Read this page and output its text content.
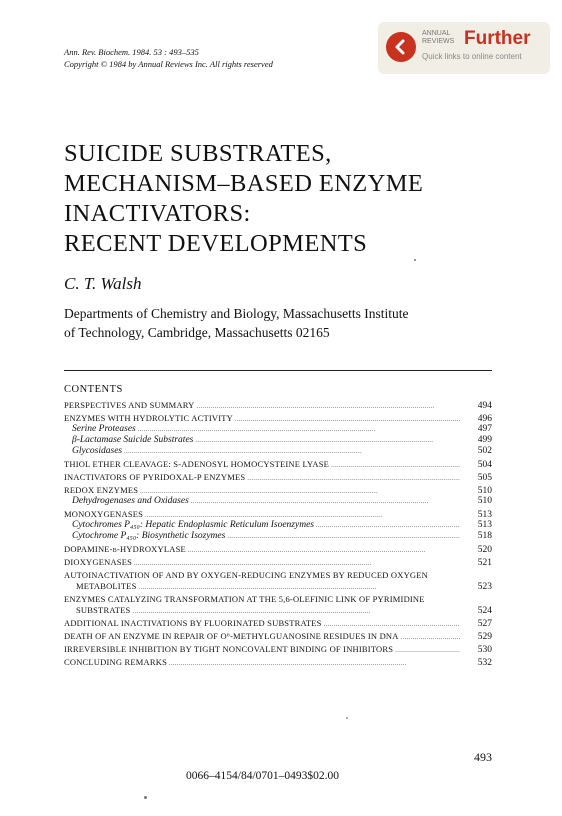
Ann. Rev. Biochem. 1984. 53 : 493–535
Copyright © 1984 by Annual Reviews Inc. All rights reserved
ANNUAL
REVIEWS Further
Quick links to online content
SUICIDE SUBSTRATES,
MECHANISM–BASED ENZYME
INACTIVATORS:
RECENT DEVELOPMENTS
C. T. Walsh
Departments of Chemistry and Biology, Massachusetts Institute
of Technology, Cambridge, Massachusetts 02165
CONTENTS
PERSPECTIVES AND SUMMARY . . .	494
ENZYMES WITH HYDROLYTIC ACTIVITY . . .	496
Serine Proteases . . .	497
β-Lactamase Suicide Substrates . . .	499
Glycosidases . . .	502
THIOL ETHER CLEAVAGE: S-ADENOSYL HOMOCYSTEINE LYASE . . .	504
INACTIVATORS OF PYRIDOXAL-P ENZYMES . . .	505
REDOX ENZYMES . . .	510
Dehydrogenases and Oxidases . . .	510
MONOXYGENASES . . .	513
Cytochromes P₄₅₀: Hepatic Endoplasmic Reticulum Isoenzymes . . .	513
Cytochrome P₄₅₀: Biosynthetic Isozymes . . .	518
DOPAMINE-β-HYDROXYLASE . . .	520
DIOXYGENASES . . .	521
AUTOINACTIVATION OF AND BY OXYGEN-REDUCING ENZYMES BY REDUCED OXYGEN
METABOLITES . . .	523
ENZYMES CATALYZING TRANSFORMATION AT THE 5,6-OLEFINIC LINK OF PYRIMIDINE
SUBSTRATES . . .	524
ADDITIONAL INACTIVATIONS BY FLUORINATED SUBSTRATES . . .	527
DEATH OF AN ENZYME IN REPAIR OF O⁶-METHYLGUANOSINE RESIDUES IN DNA . . .	529
IRREVERSIBLE INHIBITION BY TIGHT NONCOVALENT BINDING OF INHIBITORS . . .	530
CONCLUDING REMARKS . . .	532
493
0066–4154/84/0701–0493$02.00
